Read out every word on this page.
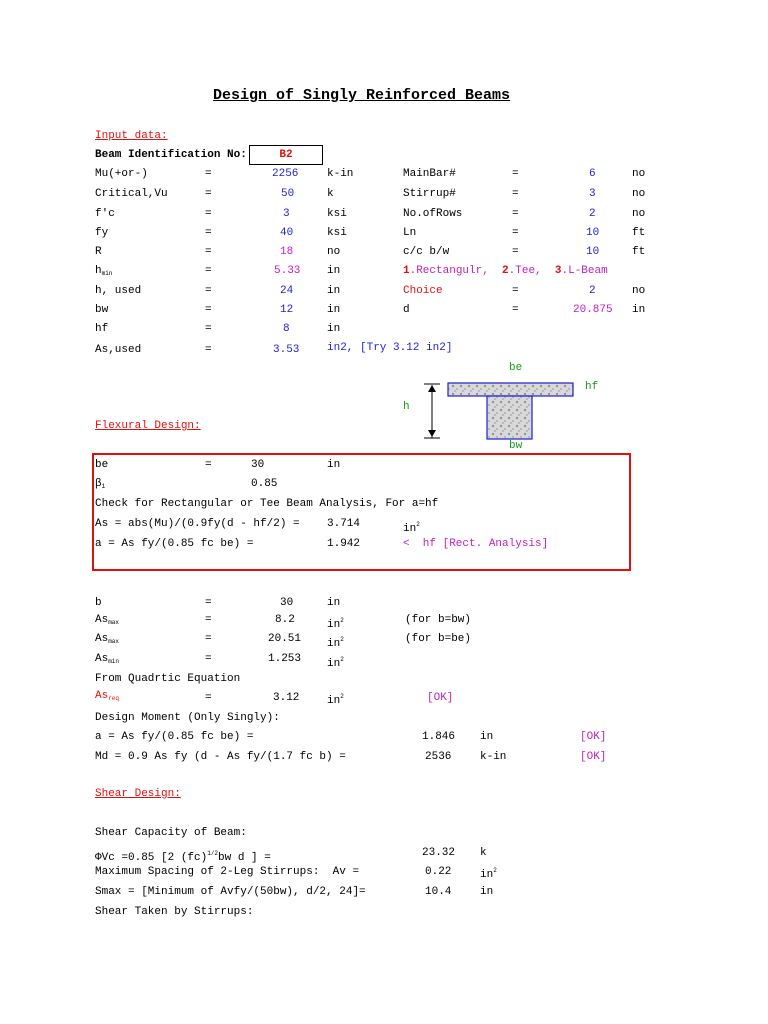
Design of Singly Reinforced Beams
Input data:
Beam Identification No:	B2
Mu(+or-)	=	2256	k-in	MainBar#	=	6	no
Critical,Vu	=	50	k	Stirrup#	=	3	no
f'c	=	3	ksi	No.ofRows	=	2	no
fy	=	40	ksi	Ln	=	10	ft
R	=	18	no	c/c b/w	=	10	ft
$h_{min}$	=	5.33 in	1.Rectangulr, 2.Tee, 3.L-Beam
h, used	=	24	in	Choice	=	2	no
bw	=	12	in	d	=	20.875 in
hf	=	8	in
As,used	=	3.53	in2, [Try 3.12 in2]
be
hf
h
bw
Flexural Design:
be	=	30	in
$\beta_1$	0.85
Check for Rectangular or Tee Beam Analysis, For a=hf
As = abs(Mu)/(0.9fy(d - hf/2) = 3.714	$in^2$
a = As fy/(0.85 fc be) =	1.942	<  hf [Rect. Analysis]
b	=	30	in
$As_{max}$	=	8.2	$in^2$	(for b=bw)
$As_{max}$	=	20.51 $in^2$	(for b=be)
$As_{min}$	=	1.253 $in^2$
From Quadrtic Equation
$As_{req}$	=	3.12	$in^2$	[OK]
Design Moment (Only Singly):
a = As fy/(0.85 fc be) =	1.846 in	[OK]
Md = 0.9 As fy (d - As fy/(1.7 fc b) =	2536	k-in	[OK]
Shear Design:
Shear Capacity of Beam:
ΦVc =0.85 [2 (fc)$^{1/2}$bw d ] =	23.32 k
Maximum Spacing of 2-Leg Stirrups:  Av =	0.22	$in^2$
Smax = [Minimum of Avfy/(50bw), d/2, 24]=	10.4	in
Shear Taken by Stirrups:
